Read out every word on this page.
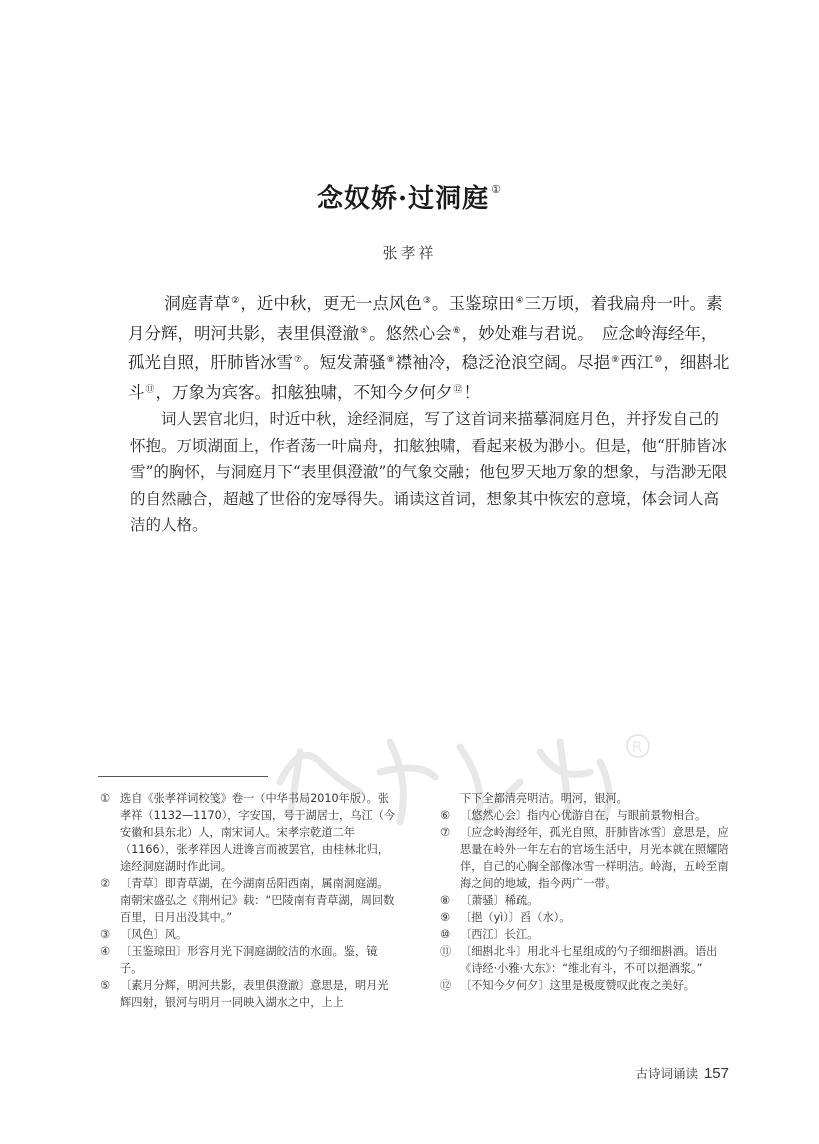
念奴娇·过洞庭 ①
张孝祥
洞庭青草②，近中秋，更无一点风色③。玉鉴琼田④三万顷，着我扁舟一叶。素月分辉，明河共影，表里俱澄澈⑤。悠然心会⑥，妙处难与君说。　应念岭海经年，孤光自照，肝肺皆冰雪⑦。短发萧骚⑧襟袖冷，稳泛沧浪空阔。尽挹⑨西江⑩，细斟北斗⑪，万象为宾客。扣舷独啸，不知今夕何夕⑫！
词人罢官北归，时近中秋，途经洞庭，写了这首词来描摹洞庭月色，并抒发自己的怀抱。万顷湖面上，作者荡一叶扁舟，扣舷独啸，看起来极为渺小。但是，他“肝肺皆冰雪”的胸怀，与洞庭月下“表里俱澄澈”的气象交融；他包罗天地万象的想象，与浩渺无限的自然融合，超越了世俗的宠辱得失。诵读这首词，想象其中恢宏的意境，体会词人高洁的人格。
R
① 选自《张孝祥词校笺》卷一（中华书局2010年版）。张孝祥（1132—1170），字安国，号于湖居士，乌江（今安徽和县东北）人，南宋词人。宋孝宗乾道二年（1166），张孝祥因人进谗言而被罢官，由桂林北归，途经洞庭湖时作此词。
② 〔青草〕即青草湖，在今湖南岳阳西南，属南洞庭湖。南朝宋盛弘之《荆州记》载：“巴陵南有青草湖，周回数百里，日月出没其中。”
③ 〔风色〕风。
④ 〔玉鉴琼田〕形容月光下洞庭湖皎洁的水面。鉴，镜子。
⑤ 〔素月分辉，明河共影，表里俱澄澈〕意思是，明月光辉四射，银河与明月一同映入湖水之中，上上
下下全都清亮明洁。明河，银河。
⑥ 〔悠然心会〕指内心优游自在，与眼前景物相合。
⑦ 〔应念岭海经年，孤光自照，肝肺皆冰雪〕意思是，应思量在岭外一年左右的官场生活中，月光本就在照耀陪伴，自己的心胸全部像冰雪一样明洁。岭海，五岭至南海之间的地域，指今两广一带。
⑧ 〔萧骚〕稀疏。
⑨ 〔挹（yì）〕舀（水）。
⑩ 〔西江〕长江。
⑪ 〔细斟北斗〕用北斗七星组成的勺子细细斟酒。语出《诗经·小雅·大东》：“维北有斗，不可以挹酒浆。”
⑫ 〔不知今夕何夕〕这里是极度赞叹此夜之美好。
古诗词诵读 157
